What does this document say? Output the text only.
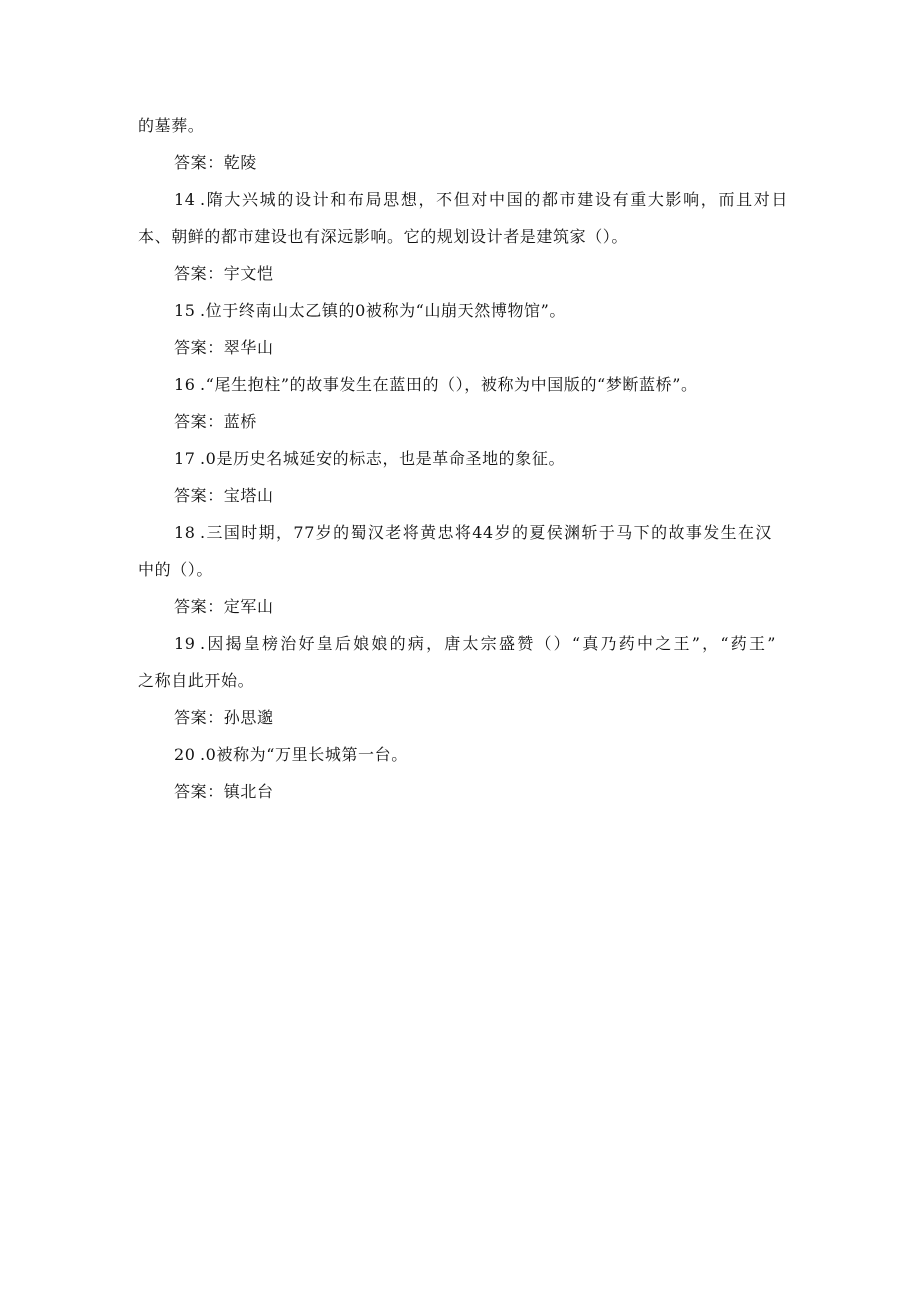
的墓葬。
答案：乾陵
14 .隋大兴城的设计和布局思想，不但对中国的都市建设有重大影响，而且对日
本、朝鲜的都市建设也有深远影响。它的规划设计者是建筑家（）。
答案：宇文恺
15 .位于终南山太乙镇的0被称为“山崩天然博物馆”。
答案：翠华山
16 .“尾生抱柱”的故事发生在蓝田的（），被称为中国版的“梦断蓝桥”。
答案：蓝桥
17 .0是历史名城延安的标志，也是革命圣地的象征。
答案：宝塔山
18 .三国时期，77岁的蜀汉老将黄忠将44岁的夏侯渊斩于马下的故事发生在汉
中的（）。
答案：定军山
19 .因揭皇榜治好皇后娘娘的病，唐太宗盛赞（）“真乃药中之王”，“药王”
之称自此开始。
答案：孙思邈
20 .0被称为“万里长城第一台。
答案：镇北台
